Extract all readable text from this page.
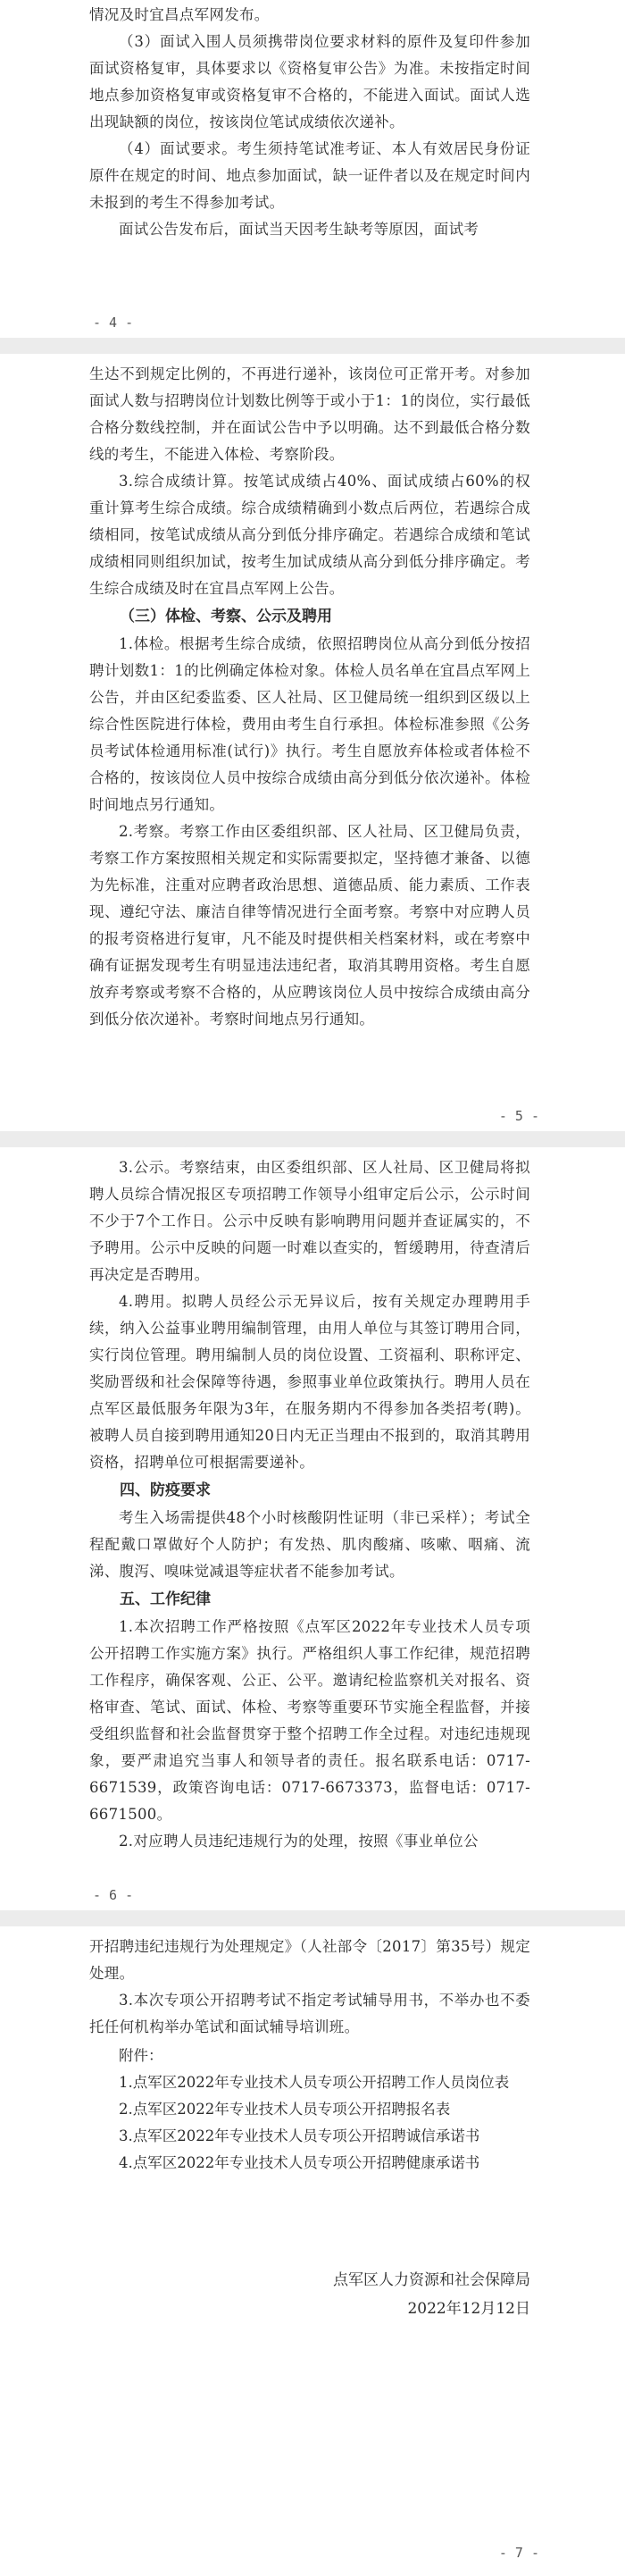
情况及时宜昌点军网发布。

（3）面试入围人员须携带岗位要求材料的原件及复印件参加面试资格复审，具体要求以《资格复审公告》为准。未按指定时间地点参加资格复审或资格复审不合格的，不能进入面试。面试人选出现缺额的岗位，按该岗位笔试成绩依次递补。

（4）面试要求。考生须持笔试准考证、本人有效居民身份证原件在规定的时间、地点参加面试，缺一证件者以及在规定时间内未报到的考生不得参加考试。

面试公告发布后，面试当天因考生缺考等原因，面试考

- 4 -

生达不到规定比例的，不再进行递补，该岗位可正常开考。对参加面试人数与招聘岗位计划数比例等于或小于1：1的岗位，实行最低合格分数线控制，并在面试公告中予以明确。达不到最低合格分数线的考生，不能进入体检、考察阶段。

3.综合成绩计算。按笔试成绩占40%、面试成绩占60%的权重计算考生综合成绩。综合成绩精确到小数点后两位，若遇综合成绩相同，按笔试成绩从高分到低分排序确定。若遇综合成绩和笔试成绩相同则组织加试，按考生加试成绩从高分到低分排序确定。考生综合成绩及时在宜昌点军网上公告。

（三）体检、考察、公示及聘用

1.体检。根据考生综合成绩，依照招聘岗位从高分到低分按招聘计划数1：1的比例确定体检对象。体检人员名单在宜昌点军网上公告，并由区纪委监委、区人社局、区卫健局统一组织到区级以上综合性医院进行体检，费用由考生自行承担。体检标准参照《公务员考试体检通用标准(试行)》执行。考生自愿放弃体检或者体检不合格的，按该岗位人员中按综合成绩由高分到低分依次递补。体检时间地点另行通知。

2.考察。考察工作由区委组织部、区人社局、区卫健局负责，考察工作方案按照相关规定和实际需要拟定，坚持德才兼备、以德为先标准，注重对应聘者政治思想、道德品质、能力素质、工作表现、遵纪守法、廉洁自律等情况进行全面考察。考察中对应聘人员的报考资格进行复审，凡不能及时提供相关档案材料，或在考察中确有证据发现考生有明显违法违纪者，取消其聘用资格。考生自愿放弃考察或考察不合格的，从应聘该岗位人员中按综合成绩由高分到低分依次递补。考察时间地点另行通知。

- 5 -

3.公示。考察结束，由区委组织部、区人社局、区卫健局将拟聘人员综合情况报区专项招聘工作领导小组审定后公示，公示时间不少于7个工作日。公示中反映有影响聘用问题并查证属实的，不予聘用。公示中反映的问题一时难以查实的，暂缓聘用，待查清后再决定是否聘用。

4.聘用。拟聘人员经公示无异议后，按有关规定办理聘用手续，纳入公益事业聘用编制管理，由用人单位与其签订聘用合同，实行岗位管理。聘用编制人员的岗位设置、工资福利、职称评定、奖励晋级和社会保障等待遇，参照事业单位政策执行。聘用人员在点军区最低服务年限为3年，在服务期内不得参加各类招考(聘)。被聘人员自接到聘用通知20日内无正当理由不报到的，取消其聘用资格，招聘单位可根据需要递补。

四、防疫要求

考生入场需提供48个小时核酸阴性证明（非已采样）；考试全程配戴口罩做好个人防护；有发热、肌肉酸痛、咳嗽、咽痛、流涕、腹泻、嗅味觉减退等症状者不能参加考试。

五、工作纪律

1.本次招聘工作严格按照《点军区2022年专业技术人员专项公开招聘工作实施方案》执行。严格组织人事工作纪律，规范招聘工作程序，确保客观、公正、公平。邀请纪检监察机关对报名、资格审查、笔试、面试、体检、考察等重要环节实施全程监督，并接受组织监督和社会监督贯穿于整个招聘工作全过程。对违纪违规现象，要严肃追究当事人和领导者的责任。报名联系电话：0717-6671539，政策咨询电话：0717-6673373，监督电话：0717-6671500。

2.对应聘人员违纪违规行为的处理，按照《事业单位公

- 6 -

开招聘违纪违规行为处理规定》（人社部令〔2017〕第35号）规定处理。

3.本次专项公开招聘考试不指定考试辅导用书，不举办也不委托任何机构举办笔试和面试辅导培训班。

附件：

1.点军区2022年专业技术人员专项公开招聘工作人员岗位表

2.点军区2022年专业技术人员专项公开招聘报名表

3.点军区2022年专业技术人员专项公开招聘诚信承诺书

4.点军区2022年专业技术人员专项公开招聘健康承诺书

点军区人力资源和社会保障局

2022年12月12日

- 7 -
